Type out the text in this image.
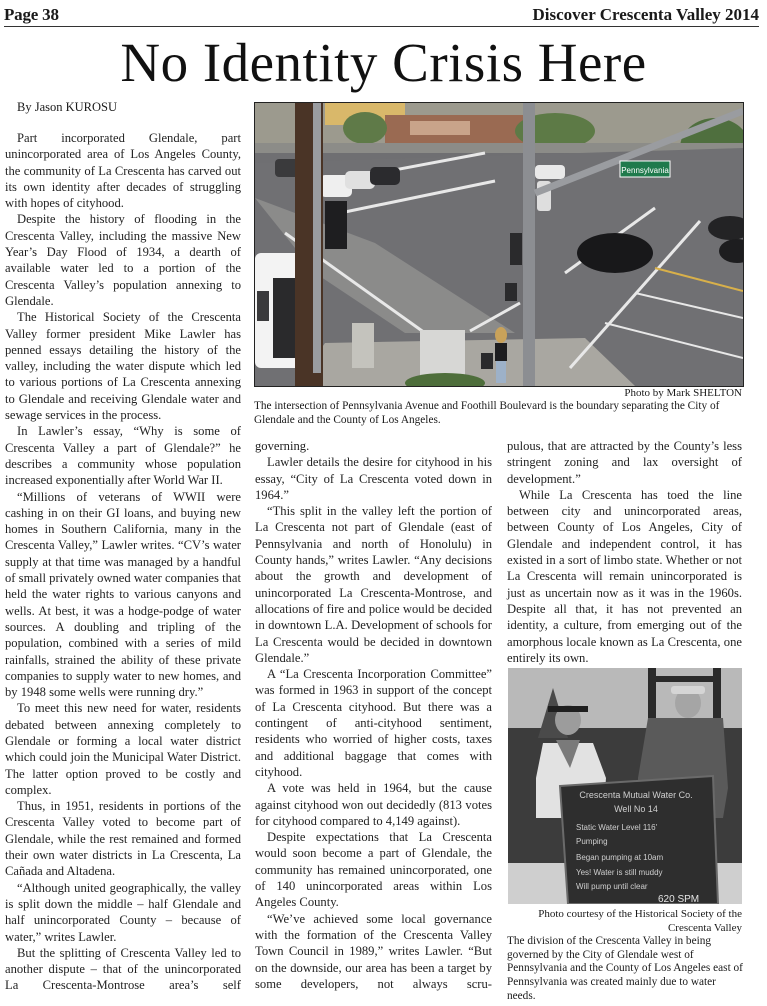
Page 38	Discover Crescenta Valley 2014
No Identity Crisis Here
By Jason KUROSU

Part incorporated Glendale, part unincorporated area of Los Angeles County, the community of La Crescenta has carved out its own identity after decades of struggling with hopes of cityhood.

Despite the history of flooding in the Crescenta Valley, including the massive New Year’s Day Flood of 1934, a dearth of available water led to a portion of the Crescenta Valley’s population annexing to Glendale.

The Historical Society of the Crescenta Valley former president Mike Lawler has penned essays detailing the history of the valley, including the water dispute which led to various portions of La Crescenta annexing to Glendale and receiving Glendale water and sewage services in the process.

In Lawler’s essay, “Why is some of Crescenta Valley a part of Glendale?” he describes a community whose population increased exponentially after World War II.

“Millions of veterans of WWII were cashing in on their GI loans, and buying new homes in Southern California, many in the Crescenta Valley,” Lawler writes. “CV’s water supply at that time was managed by a handful of small privately owned water companies that held the water rights to various canyons and wells. At best, it was a hodge-podge of water sources. A doubling and tripling of the population, combined with a series of mild rainfalls, strained the ability of these private companies to supply water to new homes, and by 1948 some wells were running dry.”

To meet this new need for water, residents debated between annexing completely to Glendale or forming a local water district which could join the Municipal Water District. The latter option proved to be costly and complex.

Thus, in 1951, residents in portions of the Crescenta Valley voted to become part of Glendale, while the rest remained and formed their own water districts in La Crescenta, La Cañada and Altadena.

“Although united geographically, the valley is split down the middle – half Glendale and half unincorporated County – because of water,” writes Lawler.

But the splitting of Crescenta Valley led to another dispute – that of the unincorporated La Crescenta-Montrose area’s self

Pennsylvania
Photo by Mark SHELTON
The intersection of Pennsylvania Avenue and Foothill Boulevard is the boundary separating the City of Glendale and the County of Los Angeles.

governing.

Lawler details the desire for cityhood in his essay, “City of La Crescenta voted down in 1964.”

“This split in the valley left the portion of La Crescenta not part of Glendale (east of Pennsylvania and north of Honolulu) in County hands,” writes Lawler. “Any decisions about the growth and development of unincorporated La Crescenta-Montrose, and allocations of fire and police would be decided in downtown L.A. Development of schools for La Crescenta would be decided in downtown Glendale.”

A “La Crescenta Incorporation Committee” was formed in 1963 in support of the concept of La Crescenta cityhood. But there was a contingent of anti-cityhood sentiment, residents who worried of higher costs, taxes and additional baggage that comes with cityhood.

A vote was held in 1964, but the cause against cityhood won out decidedly (813 votes for cityhood compared to 4,149 against).

Despite expectations that La Crescenta would soon become a part of Glendale, the community has remained unincorporated, one of 140 unincorporated areas within Los Angeles County.

“We’ve achieved some local governance with the formation of the Crescenta Valley Town Council in 1989,” writes Lawler. “But on the downside, our area has been a target by some developers, not always scru-

pulous, that are attracted by the County’s less stringent zoning and lax oversight of development.”

While La Crescenta has toed the line between city and unincorporated areas, between County of Los Angeles, City of Glendale and independent control, it has existed in a sort of limbo state. Whether or not La Crescenta will remain unincorporated is just as uncertain now as it was in the 1960s. Despite all that, it has not prevented an identity, a culture, from emerging out of the amorphous locale known as La Crescenta, one entirely its own.

Crescenta Mutual Water Co.
Well No 14
Static Water Level 116'
Pumping
Began pumping at 10am
Yes! Water is still muddy
Will pump until clear
620 SPM
Photo courtesy of the Historical Society of the Crescenta Valley
The division of the Crescenta Valley in being governed by the City of Glendale west of Pennsylvania and the County of Los Angeles east of Pennsylvania was created mainly due to water needs.
